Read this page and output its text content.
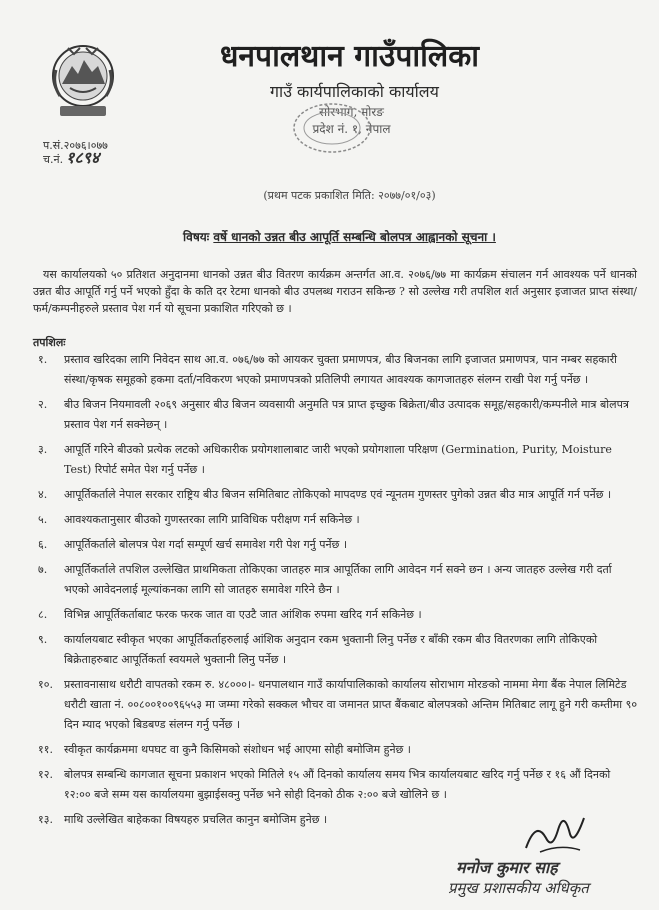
धनपालथान गाउँपालिका
गाउँ कार्यपालिकाको कार्यालय
सोरभाग, मोरङ
प्रदेश नं. १, नेपाल
प.सं.२०७६।०७७
च.नं. १८९४
(प्रथम पटक प्रकाशित मिति: २०७७/०१/०३)
विषयः वर्षे धानको उन्नत बीउ आपूर्ति सम्बन्धि बोलपत्र आह्वानको सूचना ।
यस कार्यालयको ५० प्रतिशत अनुदानमा धानको उन्नत बीउ वितरण कार्यक्रम अन्तर्गत आ.व. २०७६/७७ मा कार्यक्रम संचालन गर्न आवश्यक पर्ने धानको उन्नत बीउ आपूर्ति गर्नु पर्ने भएको हुँदा के कति दर रेटमा धानको बीउ उपलब्ध गराउन सकिन्छ ? सो उल्लेख गरी तपशिल शर्त अनुसार इजाजत प्राप्त संस्था/फर्म/कम्पनीहरुले प्रस्ताव पेश गर्न यो सूचना प्रकाशित गरिएको छ ।
तपशिलः
१.	प्रस्ताव खरिदका लागि निवेदन साथ आ.व. ०७६/७७ को आयकर चुक्ता प्रमाणपत्र, बीउ बिजनका लागि इजाजत प्रमाणपत्र, पान नम्बर सहकारी संस्था/कृषक समूहको हकमा दर्ता/नविकरण भएको प्रमाणपत्रको प्रतिलिपी लगायत आवश्यक कागजातहरु संलग्न राखी पेश गर्नु पर्नेछ ।
२.	बीउ बिजन नियमावली २०६९ अनुसार बीउ बिजन व्यवसायी अनुमति पत्र प्राप्त इच्छुक बिक्रेता/बीउ उत्पादक समूह/सहकारी/कम्पनीले मात्र बोलपत्र प्रस्ताव पेश गर्न सक्नेछन् ।
३.	आपूर्ति गरिने बीउको प्रत्येक लटको अधिकारीक प्रयोगशालाबाट जारी भएको प्रयोगशाला परिक्षण (Germination, Purity, Moisture Test) रिपोर्ट समेत पेश गर्नु पर्नेछ ।
४.	आपूर्तिकर्ताले नेपाल सरकार राष्ट्रिय बीउ बिजन समितिबाट तोकिएको मापदण्ड एवं न्यूनतम गुणस्तर पुगेको उन्नत बीउ मात्र आपूर्ति गर्न पर्नेछ ।
५.	आवश्यकतानुसार बीउको गुणस्तरका लागि प्राविधिक परीक्षण गर्न सकिनेछ ।
६.	आपूर्तिकर्ताले बोलपत्र पेश गर्दा सम्पूर्ण खर्च समावेश गरी पेश गर्नु पर्नेछ ।
७.	आपूर्तिकर्ताले तपशिल उल्लेखित प्राथमिकता तोकिएका जातहरु मात्र आपूर्तिका लागि आवेदन गर्न सक्ने छन । अन्य जातहरु उल्लेख गरी दर्ता भएको आवेदनलाई मूल्यांकनका लागि सो जातहरु समावेश गरिने छैन ।
८.	विभिन्न आपूर्तिकर्ताबाट फरक फरक जात वा एउटै जात आंशिक रुपमा खरिद गर्न सकिनेछ ।
९.	कार्यालयबाट स्वीकृत भएका आपूर्तिकर्ताहरुलाई आंशिक अनुदान रकम भुक्तानी लिनु पर्नेछ र बाँकी रकम बीउ वितरणका लागि तोकिएको बिक्रेताहरुबाट आपूर्तिकर्ता स्वयमले भुक्तानी लिनु पर्नेछ ।
१०.	प्रस्तावनासाथ धरौटी वापतको रकम रु. ४८०००।- धनपालथान गाउँ कार्यापालिकाको कार्यालय सोराभाग मोरङको नाममा मेगा बैंक नेपाल लिमिटेड धरौटी खाता नं. ००८००१००९६५५३ मा जम्मा गरेको सक्कल भौचर वा जमानत प्राप्त बैंकबाट बोलपत्रको अन्तिम मितिबाट लागू हुने गरी कम्तीमा ९० दिन म्याद भएको बिडबण्ड संलग्न गर्नु पर्नेछ ।
११.	स्वीकृत कार्यक्रममा थपघट वा कुनै किसिमको संशोधन भई आएमा सोही बमोजिम हुनेछ ।
१२.	बोलपत्र सम्बन्धि कागजात सूचना प्रकाशन भएको मितिले १५ औं दिनको कार्यालय समय भित्र कार्यालयबाट खरिद गर्नु पर्नेछ र १६ औं दिनको १२:०० बजे सम्म यस कार्यालयमा बुझाईसक्नु पर्नेछ भने सोही दिनको ठीक २:०० बजे खोलिने छ ।
१३.	माथि उल्लेखित बाहेकका विषयहरु प्रचलित कानुन बमोजिम हुनेछ ।
मनोज कुमार साह
प्रमुख प्रशासकीय अधिकृत
